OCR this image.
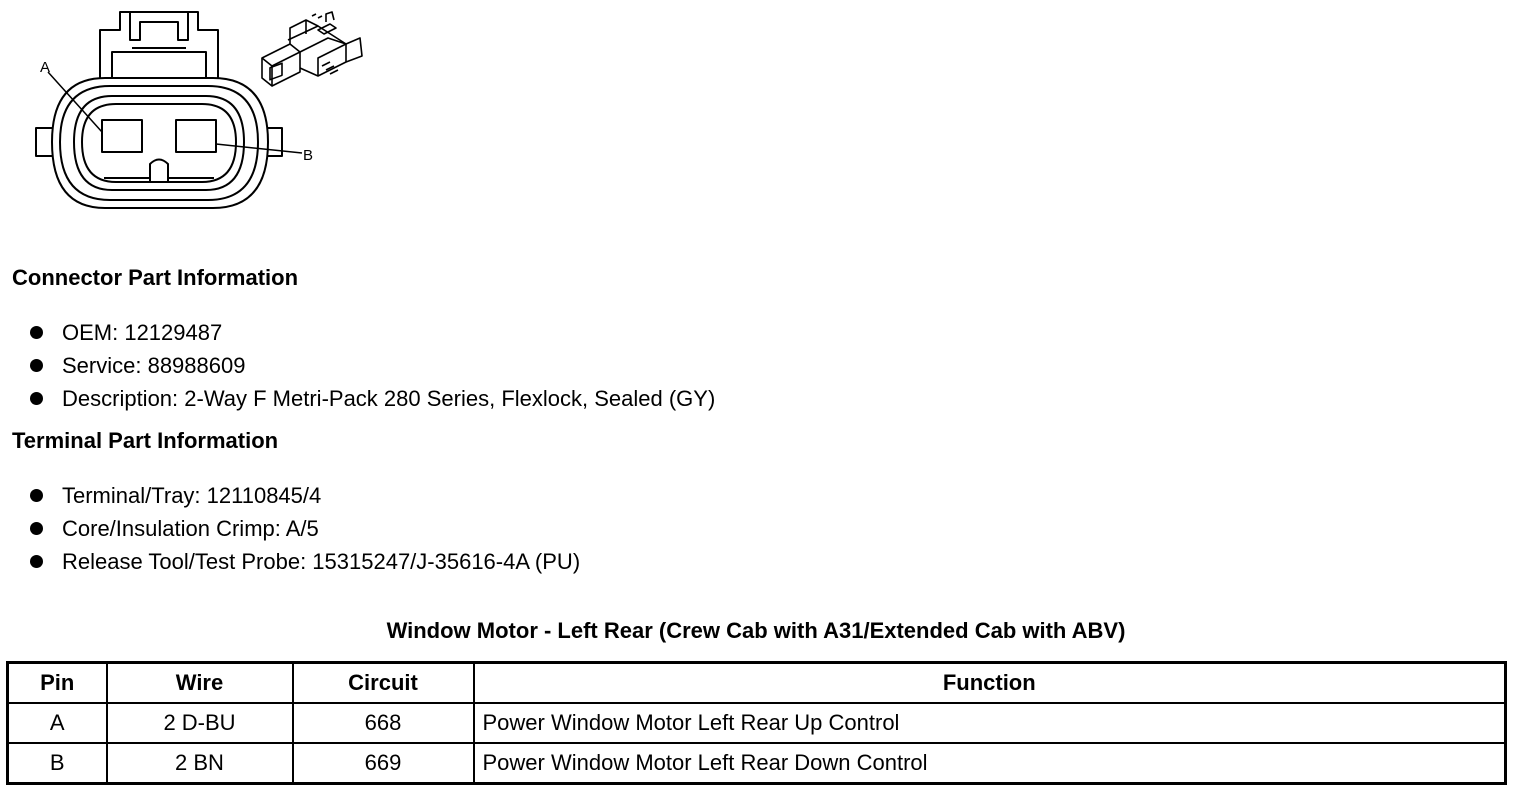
A
B
Connector Part Information
OEM: 12129487
Service: 88988609
Description: 2-Way F Metri-Pack 280 Series, Flexlock, Sealed (GY)
Terminal Part Information
Terminal/Tray: 12110845/4
Core/Insulation Crimp: A/5
Release Tool/Test Probe: 15315247/J-35616-4A (PU)
Window Motor - Left Rear (Crew Cab with A31/Extended Cab with ABV)
Pin	Wire	Circuit	Function
A	2 D-BU	668	Power Window Motor Left Rear Up Control
B	2 BN	669	Power Window Motor Left Rear Down Control
